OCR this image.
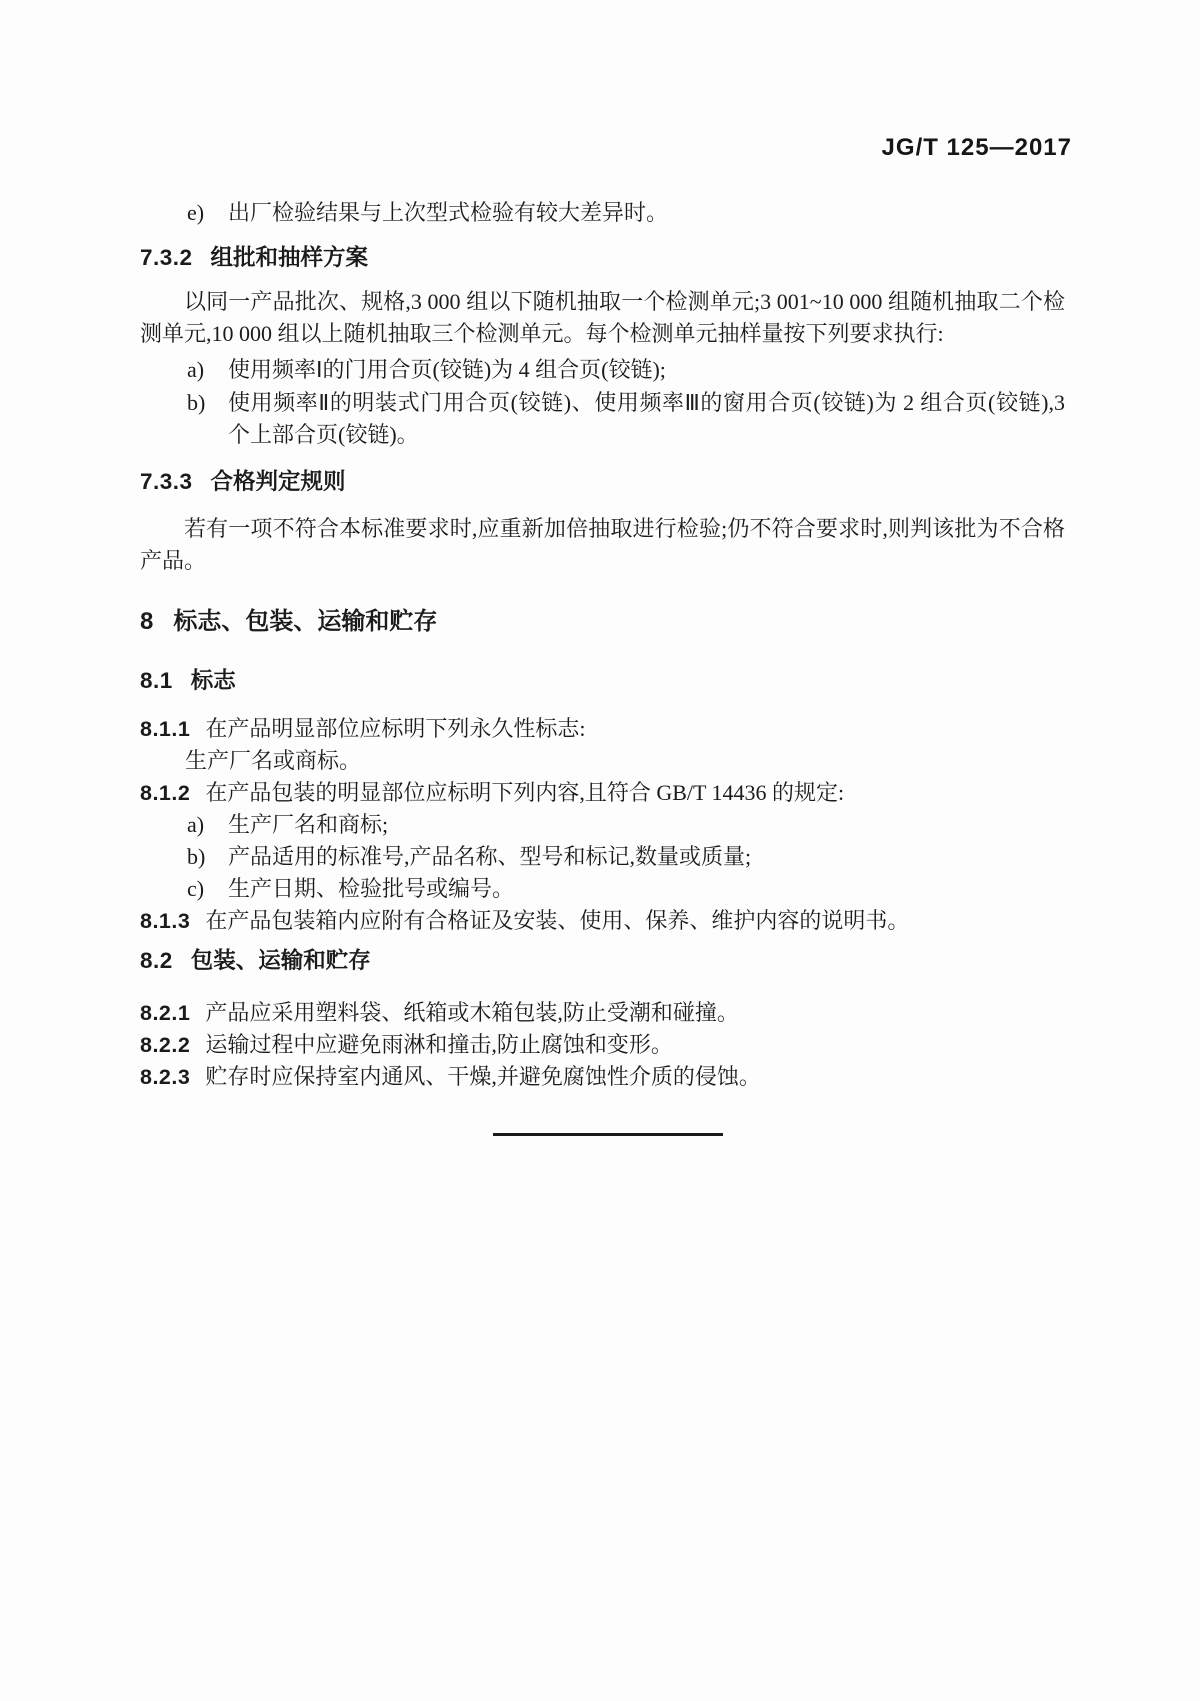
JG/T 125—2017
e) 出厂检验结果与上次型式检验有较大差异时。
7.3.2 组批和抽样方案
以同一产品批次、规格,3 000 组以下随机抽取一个检测单元;3 001~10 000 组随机抽取二个检测单元,10 000 组以上随机抽取三个检测单元。每个检测单元抽样量按下列要求执行:
a) 使用频率Ⅰ的门用合页(铰链)为 4 组合页(铰链);
b) 使用频率Ⅱ的明装式门用合页(铰链)、使用频率Ⅲ的窗用合页(铰链)为 2 组合页(铰链),3 个上部合页(铰链)。
7.3.3 合格判定规则
若有一项不符合本标准要求时,应重新加倍抽取进行检验;仍不符合要求时,则判该批为不合格产品。
8 标志、包装、运输和贮存
8.1 标志
8.1.1 在产品明显部位应标明下列永久性标志:
生产厂名或商标。
8.1.2 在产品包装的明显部位应标明下列内容,且符合 GB/T 14436 的规定:
a) 生产厂名和商标;
b) 产品适用的标准号,产品名称、型号和标记,数量或质量;
c) 生产日期、检验批号或编号。
8.1.3 在产品包装箱内应附有合格证及安装、使用、保养、维护内容的说明书。
8.2 包装、运输和贮存
8.2.1 产品应采用塑料袋、纸箱或木箱包装,防止受潮和碰撞。
8.2.2 运输过程中应避免雨淋和撞击,防止腐蚀和变形。
8.2.3 贮存时应保持室内通风、干燥,并避免腐蚀性介质的侵蚀。
